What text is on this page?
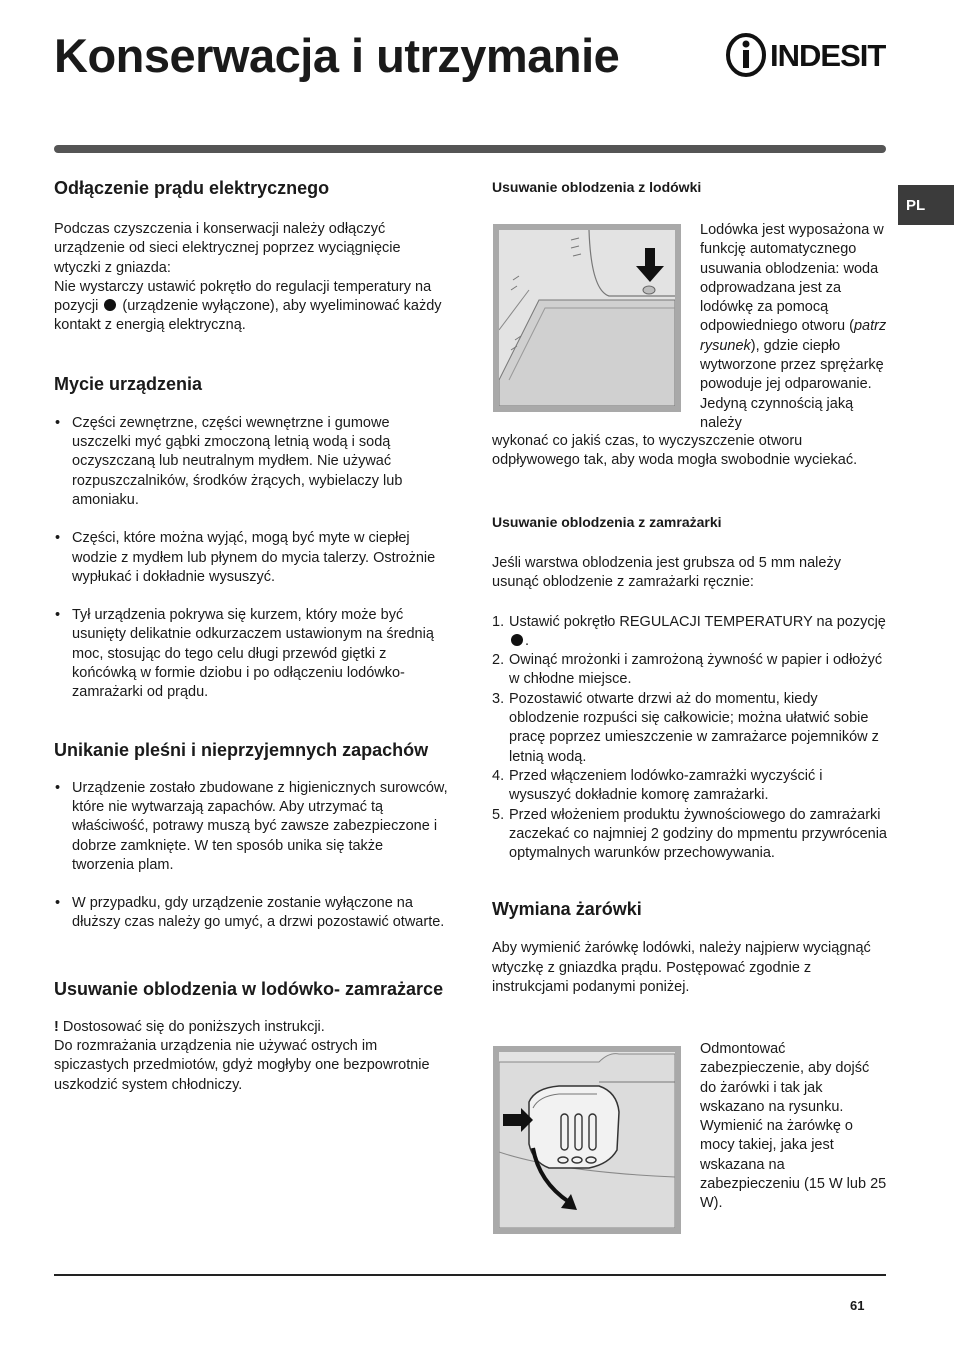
Konserwacja i utrzymanie	INDESIT
PL
Odłączenie prądu elektrycznego

Podczas czyszczenia i konserwacji należy odłączyć urządzenie od sieci elektrycznej poprzez wyciągnięcie wtyczki z gniazda:

Nie wystarczy ustawić pokrętło do regulacji temperatury na pozycji (urządzenie wyłączone), aby wyeliminować każdy kontakt z energią elektryczną.

Mycie urządzenia
• Części zewnętrzne, części wewnętrzne i gumowe uszczelki myć gąbki zmoczoną letnią wodą i sodą oczyszczaną lub neutralnym mydłem. Nie używać rozpuszczalników, środków żrących, wybielaczy lub amoniaku.
• Części, które można wyjąć, mogą być myte w ciepłej wodzie z mydłem lub płynem do mycia talerzy. Ostrożnie wypłukać i dokładnie wysuszyć.
• Tył urządzenia pokrywa się kurzem, który może być usunięty delikatnie odkurzaczem ustawionym na średnią moc, stosując do tego celu długi przewód giętki z końcówką w formie dziobu i po odłączeniu lodówko- zamrażarki od prądu.
Unikanie pleśni i nieprzyjemnych zapachów
• Urządzenie zostało zbudowane z higienicznych surowców, które nie wytwarzają zapachów. Aby utrzymać tą właściwość, potrawy muszą być zawsze zabezpieczone i dobrze zamknięte. W ten sposób unika się także tworzenia plam.
• W przypadku, gdy urządzenie zostanie wyłączone na dłuższy czas należy go umyć, a drzwi pozostawić otwarte.
Usuwanie oblodzenia w lodówko- zamrażarce

! Dostosować się do poniższych instrukcji.

Do rozmrażania urządzenia nie używać ostrych im spiczastych przedmiotów, gdyż mogłyby one bezpowrotnie uszkodzić system chłodniczy.

Usuwanie oblodzenia z lodówki

Lodówka jest wyposażona w funkcję automatycznego usuwania oblodzenia: woda odprowadzana jest za lodówkę za pomocą odpowiedniego otworu (patrz rysunek), gdzie ciepło wytworzone przez sprężarkę powoduje jej odparowanie. Jedyną czynnością jaką należy

wykonać co jakiś czas, to wyczyszczenie otworu odpływowego tak, aby woda mogła swobodnie wyciekać.

Usuwanie oblodzenia z zamrażarki

Jeśli warstwa oblodzenia jest grubsza od 5 mm należy usunąć oblodzenie z zamrażarki ręcznie:

1. Ustawić pokrętło REGULACJI TEMPERATURY na pozycję .
2. Owinąć mrożonki i zamrożoną żywność w papier i odłożyć w chłodne miejsce.
3. Pozostawić otwarte drzwi aż do momentu, kiedy oblodzenie rozpuści się całkowicie; można ułatwić sobie pracę poprzez umieszczenie w zamrażarce pojemników z letnią wodą.
4. Przed włączeniem lodówko-zamrażki wyczyścić i wysuszyć dokładnie komorę zamrażarki.
5. Przed włożeniem produktu żywnościowego do zamrażarki zaczekać co najmniej 2 godziny do mpmentu przywrócenia optymalnych warunków przechowywania.
Wymiana żarówki

Aby wymienić żarówkę lodówki, należy najpierw wyciągnąć wtyczkę z gniazdka prądu. Postępować zgodnie z instrukcjami podanymi poniżej.

Odmontować zabezpieczenie, aby dojść do żarówki i tak jak wskazano na rysunku. Wymienić na żarówkę o mocy takiej, jaka jest wskazana na zabezpieczeniu (15 W lub 25 W).

61
